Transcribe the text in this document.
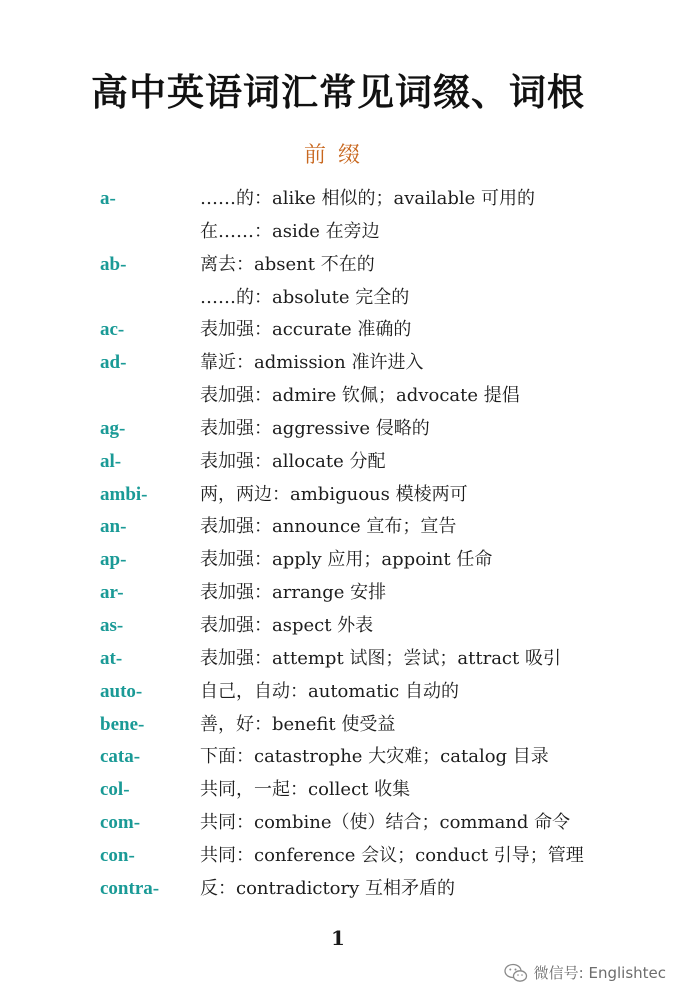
高中英语词汇常见词缀、词根
前缀
a-	……的：alike 相似的；available 可用的
在……：aside 在旁边
ab-	离去：absent 不在的
……的：absolute 完全的
ac-	表加强：accurate 准确的
ad-	靠近：admission 准许进入
表加强：admire 钦佩；advocate 提倡
ag-	表加强：aggressive 侵略的
al-	表加强：allocate 分配
ambi-	两，两边：ambiguous 模棱两可
an-	表加强：announce 宣布；宣告
ap-	表加强：apply 应用；appoint 任命
ar-	表加强：arrange 安排
as-	表加强：aspect 外表
at-	表加强：attempt 试图；尝试；attract 吸引
auto-	自己，自动：automatic 自动的
bene-	善，好：benefit 使受益
cata-	下面：catastrophe 大灾难；catalog 目录
col-	共同，一起：collect 收集
com-	共同：combine（使）结合；command 命令
con-	共同：conference 会议；conduct 引导；管理
contra- 反：contradictory 互相矛盾的
1
微信号: Englishtec
